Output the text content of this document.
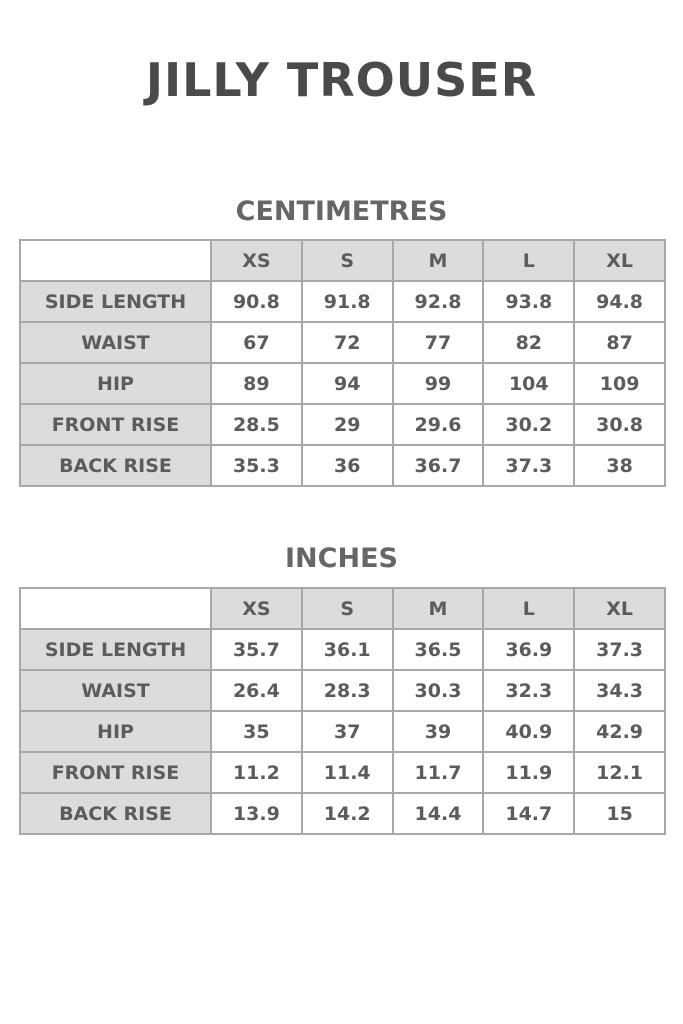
JILLY TROUSER
CENTIMETRES
	XS	S	M	L	XL
SIDE LENGTH	90.8	91.8	92.8	93.8	94.8
WAIST	67	72	77	82	87
HIP	89	94	99	104	109
FRONT RISE	28.5	29	29.6	30.2	30.8
BACK RISE	35.3	36	36.7	37.3	38
INCHES
	XS	S	M	L	XL
SIDE LENGTH	35.7	36.1	36.5	36.9	37.3
WAIST	26.4	28.3	30.3	32.3	34.3
HIP	35	37	39	40.9	42.9
FRONT RISE	11.2	11.4	11.7	11.9	12.1
BACK RISE	13.9	14.2	14.4	14.7	15
